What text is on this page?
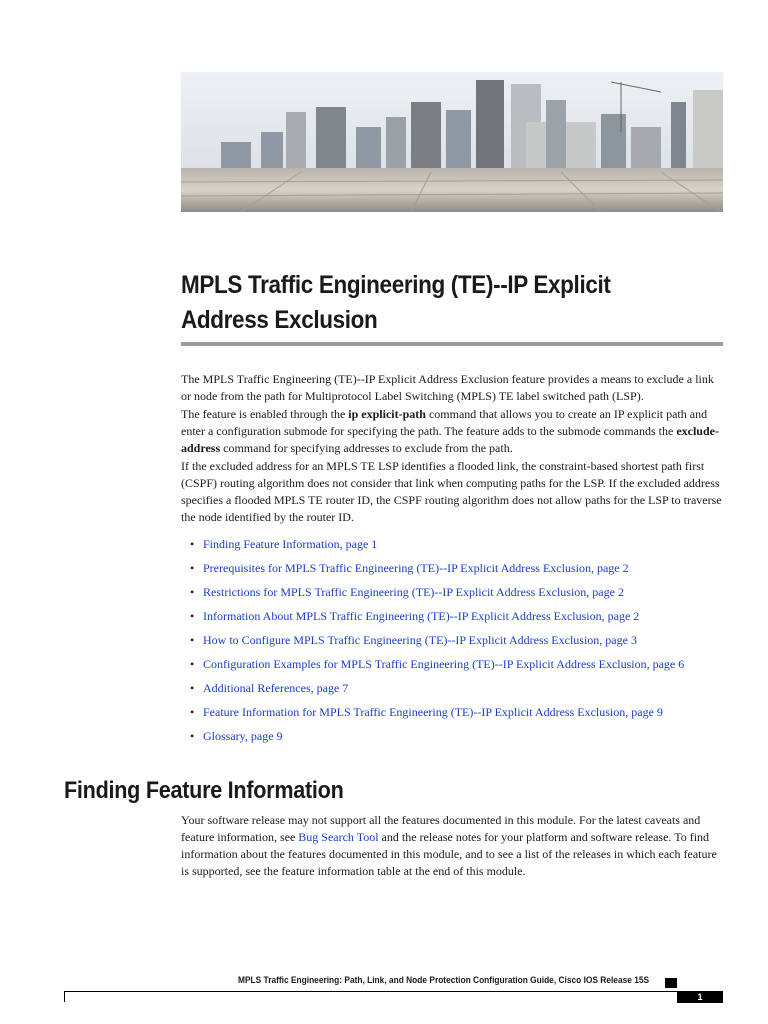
MPLS Traffic Engineering (TE)--IP Explicit
Address Exclusion

The MPLS Traffic Engineering (TE)--IP Explicit Address Exclusion feature provides a means to exclude a link or node from the path for Multiprotocol Label Switching (MPLS) TE label switched path (LSP).

The feature is enabled through the ip explicit-path command that allows you to create an IP explicit path and enter a configuration submode for specifying the path. The feature adds to the submode commands the exclude-address command for specifying addresses to exclude from the path.

If the excluded address for an MPLS TE LSP identifies a flooded link, the constraint-based shortest path first (CSPF) routing algorithm does not consider that link when computing paths for the LSP. If the excluded address specifies a flooded MPLS TE router ID, the CSPF routing algorithm does not allow paths for the LSP to traverse the node identified by the router ID.

• Finding Feature Information, page 1
• Prerequisites for MPLS Traffic Engineering (TE)--IP Explicit Address Exclusion, page 2
• Restrictions for MPLS Traffic Engineering (TE)--IP Explicit Address Exclusion, page 2
• Information About MPLS Traffic Engineering (TE)--IP Explicit Address Exclusion, page 2
• How to Configure MPLS Traffic Engineering (TE)--IP Explicit Address Exclusion, page 3
• Configuration Examples for MPLS Traffic Engineering (TE)--IP Explicit Address Exclusion, page 6
• Additional References, page 7
• Feature Information for MPLS Traffic Engineering (TE)--IP Explicit Address Exclusion, page 9
• Glossary, page 9
Finding Feature Information

Your software release may not support all the features documented in this module. For the latest caveats and feature information, see Bug Search Tool and the release notes for your platform and software release. To find information about the features documented in this module, and to see a list of the releases in which each feature is supported, see the feature information table at the end of this module.

MPLS Traffic Engineering: Path, Link, and Node Protection Configuration Guide, Cisco IOS Release 15S
1
